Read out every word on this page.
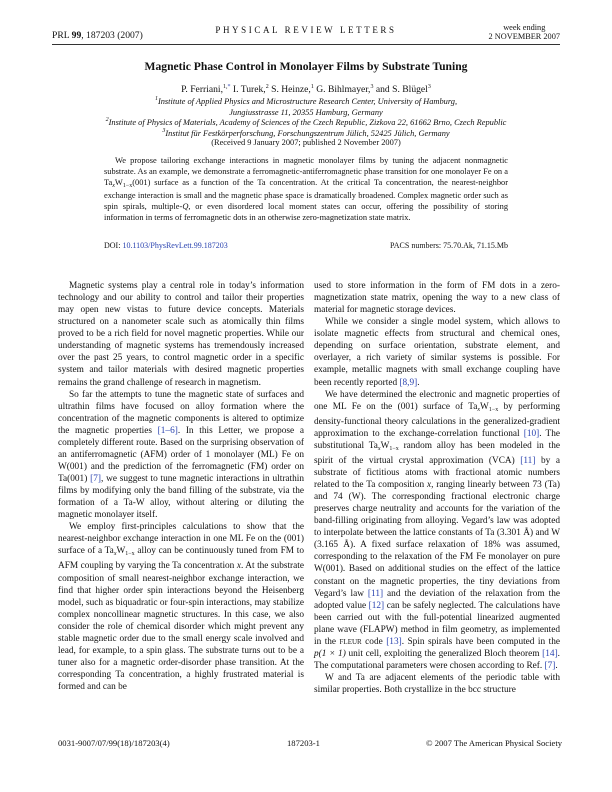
PRL 99, 187203 (2007)	PHYSICAL REVIEW LETTERS	week ending
2 NOVEMBER 2007
Magnetic Phase Control in Monolayer Films by Substrate Tuning
P. Ferriani,$^{1,*}$ I. Turek,$^2$ S. Heinze,$^1$ G. Bihlmayer,$^3$ and S. Blügel$^3$
$^1$Institute of Applied Physics and Microstructure Research Center, University of Hamburg,
Jungiusstrasse 11, 20355 Hamburg, Germany
$^2$Institute of Physics of Materials, Academy of Sciences of the Czech Republic, Zizkova 22, 61662 Brno, Czech Republic
$^3$Institut für Festkörperforschung, Forschungszentrum Jülich, 52425 Jülich, Germany
(Received 9 January 2007; published 2 November 2007)
We propose tailoring exchange interactions in magnetic monolayer films by tuning the adjacent nonmagnetic substrate. As an example, we demonstrate a ferromagnetic-antiferromagnetic phase transition for one monolayer Fe on a $Ta_xW_{1-x}(001)$ surface as a function of the Ta concentration. At the critical Ta concentration, the nearest-neighbor exchange interaction is small and the magnetic phase space is dramatically broadened. Complex magnetic order such as spin spirals, multiple-Q, or even disordered local moment states can occur, offering the possibility of storing information in terms of ferromagnetic dots in an otherwise zero-magnetization state matrix.
DOI: 10.1103/PhysRevLett.99.187203	PACS numbers: 75.70.Ak, 71.15.Mb

Magnetic systems play a central role in today’s information technology and our ability to control and tailor their properties may open new vistas to future device concepts. Materials structured on a nanometer scale such as atomically thin films proved to be a rich field for novel magnetic properties. While our understanding of magnetic systems has tremendously increased over the past 25 years, to control magnetic order in a specific system and tailor materials with desired magnetic properties remains the grand challenge of research in magnetism.

So far the attempts to tune the magnetic state of surfaces and ultrathin films have focused on alloy formation where the concentration of the magnetic components is altered to optimize the magnetic properties [1–6]. In this Letter, we propose a completely different route. Based on the surprising observation of an antiferromagnetic (AFM) order of 1 monolayer (ML) Fe on W(001) and the prediction of the ferromagnetic (FM) order on Ta(001) [7], we suggest to tune magnetic interactions in ultrathin films by modifying only the band filling of the substrate, via the formation of a Ta-W alloy, without altering or diluting the magnetic monolayer itself.

We employ first-principles calculations to show that the nearest-neighbor exchange interaction in one ML Fe on the (001) surface of a $Ta_xW_{1-x}$ alloy can be continuously tuned from FM to AFM coupling by varying the Ta concentration x. At the substrate composition of small nearest-neighbor exchange interaction, we find that higher order spin interactions beyond the Heisenberg model, such as biquadratic or four-spin interactions, may stabilize complex noncollinear magnetic structures. In this case, we also consider the role of chemical disorder which might prevent any stable magnetic order due to the small energy scale involved and lead, for example, to a spin glass. The substrate turns out to be a tuner also for a magnetic order-disorder phase transition. At the corresponding Ta concentration, a highly frustrated material is formed and can be

used to store information in the form of FM dots in a zero-magnetization state matrix, opening the way to a new class of material for magnetic storage devices.

While we consider a single model system, which allows to isolate magnetic effects from structural and chemical ones, depending on surface orientation, substrate element, and overlayer, a rich variety of similar systems is possible. For example, metallic magnets with small exchange coupling have been recently reported [8,9].

We have determined the electronic and magnetic properties of one ML Fe on the (001) surface of $Ta_xW_{1-x}$ by performing density-functional theory calculations in the generalized-gradient approximation to the exchange-correlation functional [10]. The substitutional $Ta_xW_{1-x}$ random alloy has been modeled in the spirit of the virtual crystal approximation (VCA) [11] by a substrate of fictitious atoms with fractional atomic numbers related to the Ta composition x, ranging linearly between 73 (Ta) and 74 (W). The corresponding fractional electronic charge preserves charge neutrality and accounts for the variation of the band-filling originating from alloying. Vegard’s law was adopted to interpolate between the lattice constants of Ta (3.301 Å) and W (3.165 Å). A fixed surface relaxation of 18% was assumed, corresponding to the relaxation of the FM Fe monolayer on pure W(001). Based on additional studies on the effect of the lattice constant on the magnetic properties, the tiny deviations from Vegard’s law [11] and the deviation of the relaxation from the adopted value [12] can be safely neglected. The calculations have been carried out with the full-potential linearized augmented plane wave (FLAPW) method in film geometry, as implemented in the FLEUR code [13]. Spin spirals have been computed in the p(1 × 1) unit cell, exploiting the generalized Bloch theorem [14]. The computational parameters were chosen according to Ref. [7].

W and Ta are adjacent elements of the periodic table with similar properties. Both crystallize in the bcc structure

0031-9007/07/99(18)/187203(4)	187203-1	© 2007 The American Physical Society
